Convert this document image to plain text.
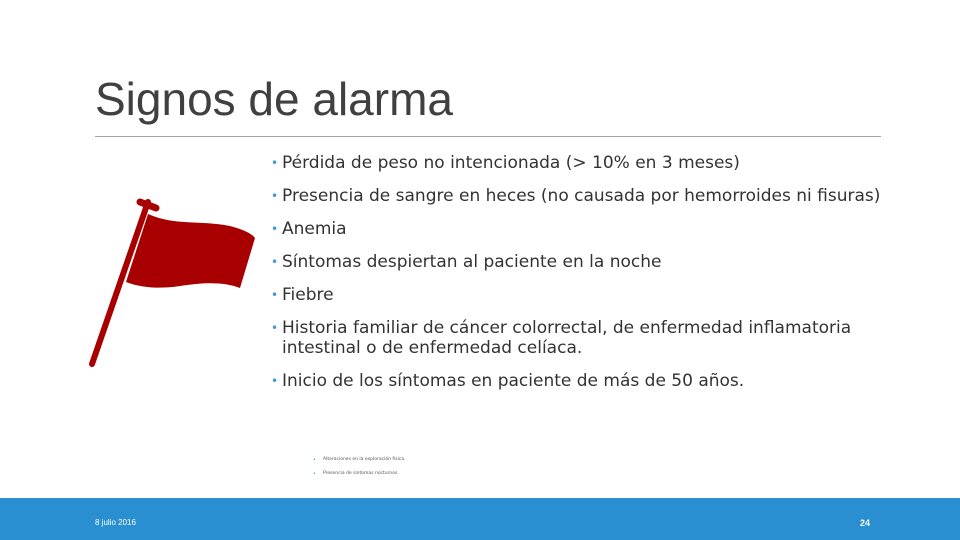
Signos de alarma
• Pérdida de peso no intencionada (> 10% en 3 meses)
• Presencia de sangre en heces (no causada por hemorroides ni fisuras)
• Anemia
• Síntomas despiertan al paciente en la noche
• Fiebre
• Historia familiar de cáncer colorrectal, de enfermedad inflamatoria intestinal o de enfermedad celíaca.
• Inicio de los síntomas en paciente de más de 50 años.
• Alteraciones en la exploración física.
• Presencia de síntomas nocturnos.
8 julio 2016	24
